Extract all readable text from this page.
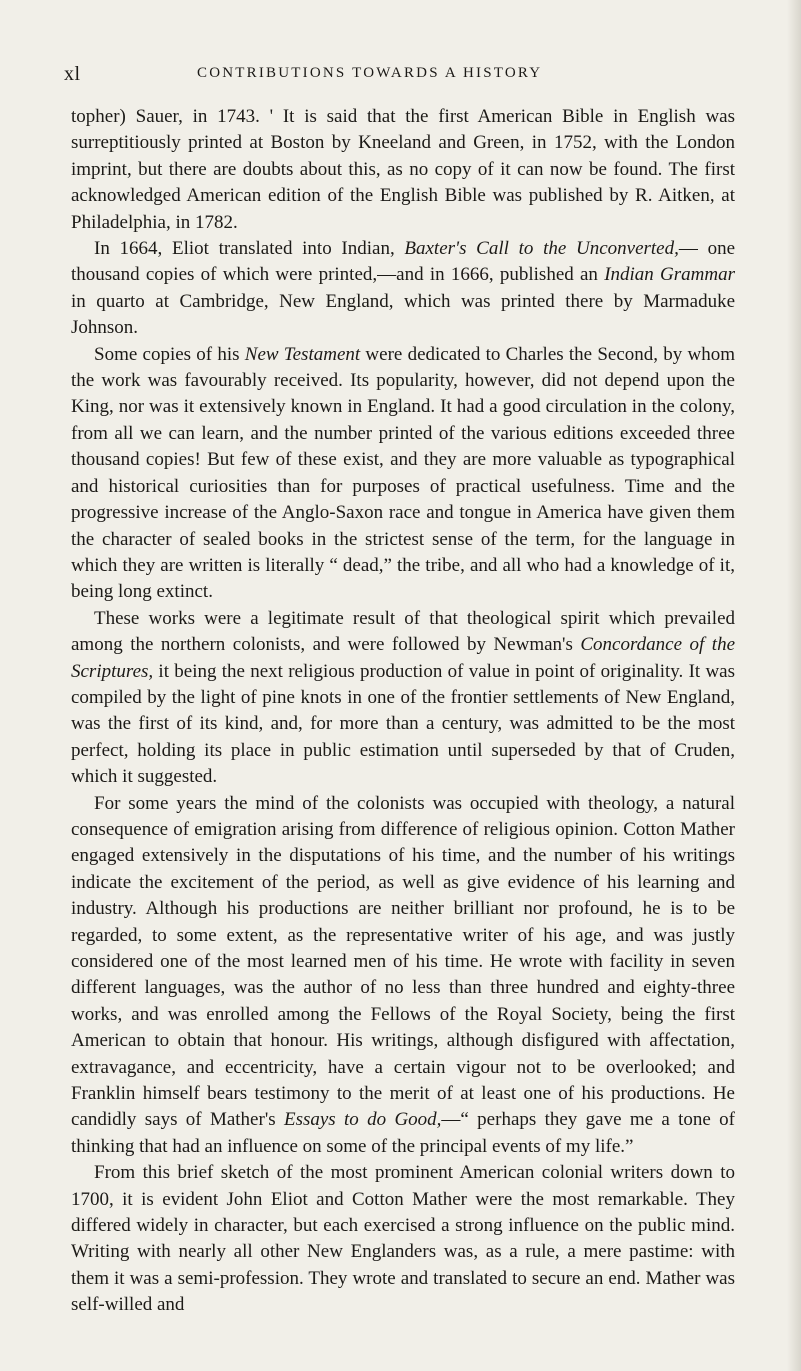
xl	CONTRIBUTIONS TOWARDS A HISTORY

topher) Sauer, in 1743. ' It is said that the first American Bible in English was surreptitiously printed at Boston by Kneeland and Green, in 1752, with the London imprint, but there are doubts about this, as no copy of it can now be found. The first acknowledged American edition of the English Bible was published by R. Aitken, at Philadelphia, in 1782.

In 1664, Eliot translated into Indian, Baxter's Call to the Unconverted,— one thousand copies of which were printed,—and in 1666, published an Indian Grammar in quarto at Cambridge, New England, which was printed there by Marmaduke Johnson.

Some copies of his New Testament were dedicated to Charles the Second, by whom the work was favourably received. Its popularity, however, did not depend upon the King, nor was it extensively known in England. It had a good circulation in the colony, from all we can learn, and the number printed of the various editions exceeded three thousand copies! But few of these exist, and they are more valuable as typographical and historical curiosities than for purposes of practical usefulness. Time and the progressive increase of the Anglo-Saxon race and tongue in America have given them the character of sealed books in the strictest sense of the term, for the language in which they are written is literally “ dead,” the tribe, and all who had a knowledge of it, being long extinct.

These works were a legitimate result of that theological spirit which prevailed among the northern colonists, and were followed by Newman's Concordance of the Scriptures, it being the next religious production of value in point of originality. It was compiled by the light of pine knots in one of the frontier settlements of New England, was the first of its kind, and, for more than a century, was admitted to be the most perfect, holding its place in public estimation until superseded by that of Cruden, which it suggested.

For some years the mind of the colonists was occupied with theology, a natural consequence of emigration arising from difference of religious opinion. Cotton Mather engaged extensively in the disputations of his time, and the number of his writings indicate the excitement of the period, as well as give evidence of his learning and industry. Although his productions are neither brilliant nor profound, he is to be regarded, to some extent, as the representative writer of his age, and was justly considered one of the most learned men of his time. He wrote with facility in seven different languages, was the author of no less than three hundred and eighty-three works, and was enrolled among the Fellows of the Royal Society, being the first American to obtain that honour. His writings, although disfigured with affectation, extravagance, and eccentricity, have a certain vigour not to be overlooked; and Franklin himself bears testimony to the merit of at least one of his productions. He candidly says of Mather's Essays to do Good,—“ perhaps they gave me a tone of thinking that had an influence on some of the principal events of my life.”

From this brief sketch of the most prominent American colonial writers down to 1700, it is evident John Eliot and Cotton Mather were the most remarkable. They differed widely in character, but each exercised a strong influence on the public mind. Writing with nearly all other New Englanders was, as a rule, a mere pastime: with them it was a semi-profession. They wrote and translated to secure an end. Mather was self-willed and
